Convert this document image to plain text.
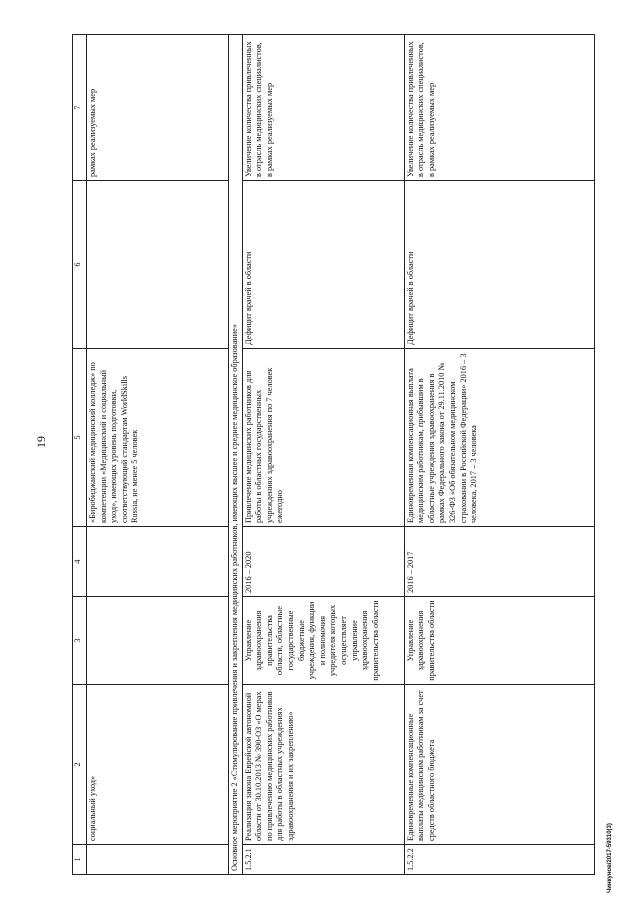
19
1	2	3	4	5	6	7
	социальный уход»			«Биробиджанский медицинский колледж» по компетенции «Медицинский и социальный уход», имеющих уровень подготовки, соответствующий стандартам WorldSkills Russia, не менее 5 человек		рамках реализуемых мер
Основное мероприятие 2 «Стимулирование привлечения и закрепления медицинских работников, имеющих высшее и среднее медицинское образование»						
1.5.2.1	Реализация закона Еврейской автономной области от 30.10.2013 № 390-ОЗ «О мерах по привлечению медицинских работников для работы в областных учреждениях здравоохранения и их закреплению»	Управление здравоохранения правительства области, областные государственные бюджетные учреждения, функции и полномочия учредителя которых осуществляет управление здравоохранения правительства области	2016 – 2020	Привлечение медицинских работников для работы в областных государственных учреждениях здравоохранения по 7 человек ежегодно	Дефицит врачей в области	Увеличение количества привлеченных в отрасль медицинских специалистов, в рамках реализуемых мер
1.5.2.2	Единовременные компенсационные выплаты медицинским работникам за счет средств областного бюджета	Управление здравоохранения правительства области	2016 – 2017	Единовременная компенсационная выплата медицинским работникам, прибывшим в областные учреждения здравоохранения в рамках Федерального закона от 29.11.2010 № 326-ФЗ «Об обязательном медицинском страховании в Российской Федерации» 2016 – 3 человека, 2017 – 3 человека	Дефицит врачей в области	Увеличение количества привлеченных в отрасль медицинских специалистов, в рамках реализуемых мер
Чинкунов/2017-59310(3)
